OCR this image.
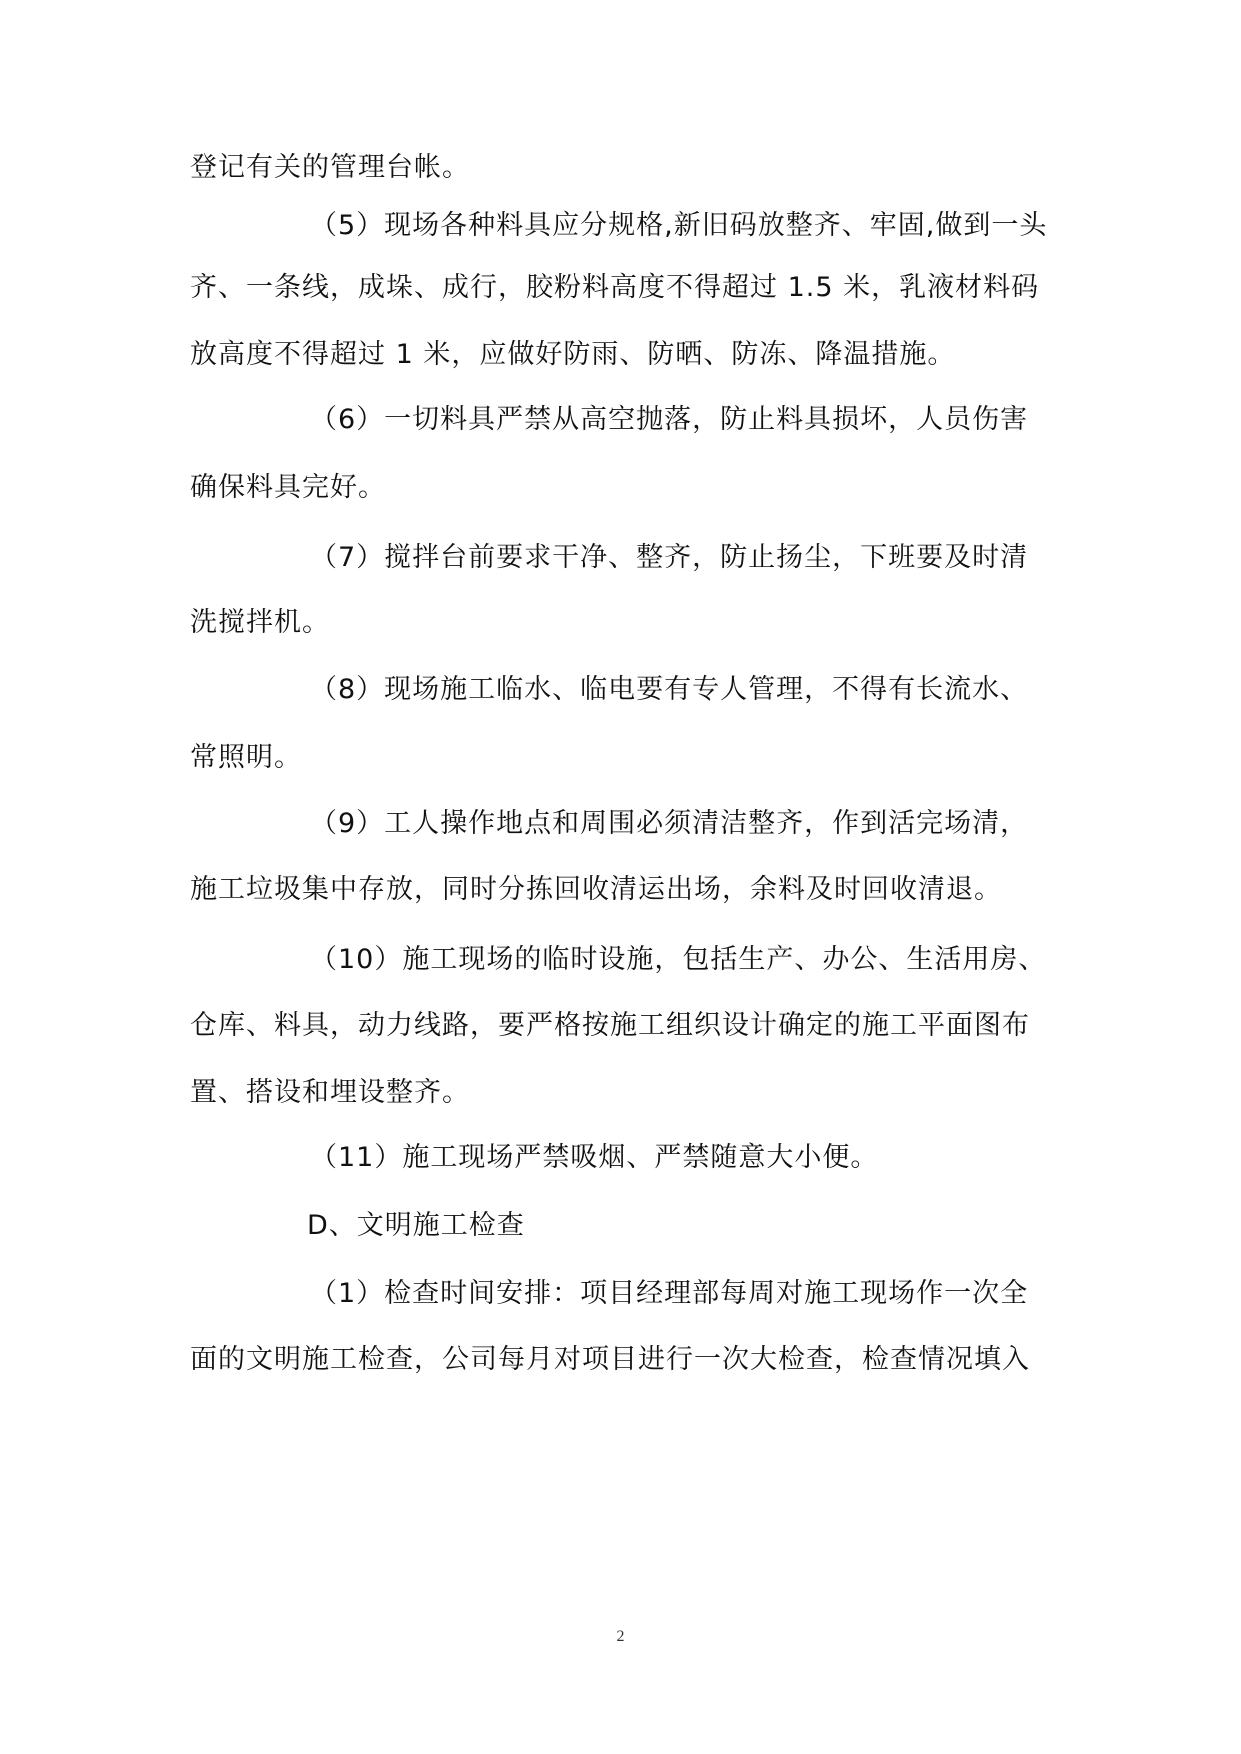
登记有关的管理台帐。
（5）现场各种料具应分规格,新旧码放整齐、牢固,做到一头
齐、一条线，成垛、成行，胶粉料高度不得超过 1.5 米，乳液材料码
放高度不得超过 1 米，应做好防雨、防晒、防冻、降温措施。
（6）一切料具严禁从高空抛落，防止料具损坏，人员伤害
确保料具完好。
（7）搅拌台前要求干净、整齐，防止扬尘，下班要及时清
洗搅拌机。
（8）现场施工临水、临电要有专人管理，不得有长流水、
常照明。
（9）工人操作地点和周围必须清洁整齐，作到活完场清，
施工垃圾集中存放，同时分拣回收清运出场，余料及时回收清退。
（10）施工现场的临时设施，包括生产、办公、生活用房、
仓库、料具，动力线路，要严格按施工组织设计确定的施工平面图布
置、搭设和埋设整齐。
（11）施工现场严禁吸烟、严禁随意大小便。
D、文明施工检查
（1）检查时间安排：项目经理部每周对施工现场作一次全
面的文明施工检查，公司每月对项目进行一次大检查，检查情况填入
2
